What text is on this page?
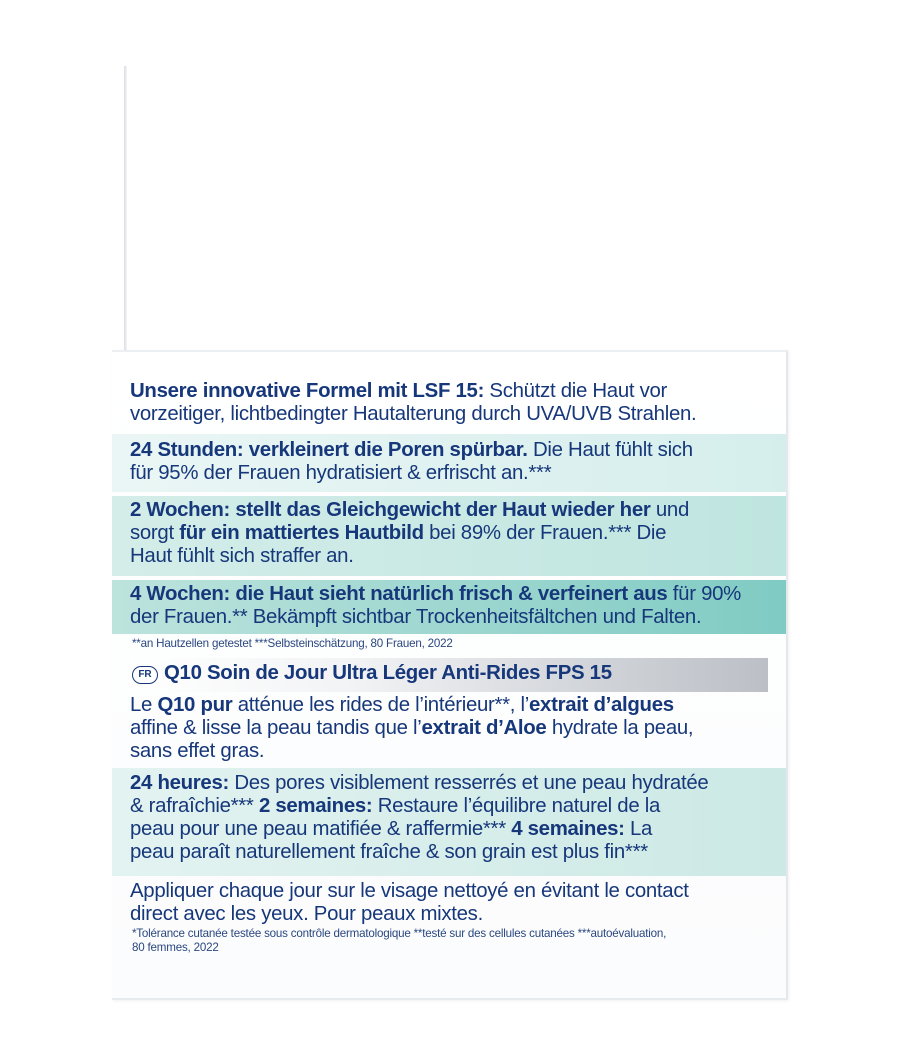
Unsere innovative Formel mit LSF 15: Schützt die Haut vor
vorzeitiger, lichtbedingter Hautalterung durch UVA/UVB Strahlen.
24 Stunden: verkleinert die Poren spürbar. Die Haut fühlt sich
für 95% der Frauen hydratisiert & erfrischt an.***
2 Wochen: stellt das Gleichgewicht der Haut wieder her und
sorgt für ein mattiertes Hautbild bei 89% der Frauen.*** Die
Haut fühlt sich straffer an.
4 Wochen: die Haut sieht natürlich frisch & verfeinert aus für 90%
der Frauen.** Bekämpft sichtbar Trockenheitsfältchen und Falten.
**an Hautzellen getestet ***Selbsteinschätzung, 80 Frauen, 2022
FR Q10 Soin de Jour Ultra Léger Anti-Rides FPS 15
Le Q10 pur atténue les rides de l’intérieur**, l’extrait d’algues
affine & lisse la peau tandis que l’extrait d’Aloe hydrate la peau,
sans effet gras.
24 heures: Des pores visiblement resserrés et une peau hydratée
& rafraîchie*** 2 semaines: Restaure l’équilibre naturel de la
peau pour une peau matifiée & raffermie*** 4 semaines: La
peau paraît naturellement fraîche & son grain est plus fin***
Appliquer chaque jour sur le visage nettoyé en évitant le contact
direct avec les yeux. Pour peaux mixtes.
*Tolérance cutanée testée sous contrôle dermatologique **testé sur des cellules cutanées ***autoévaluation,
80 femmes, 2022
